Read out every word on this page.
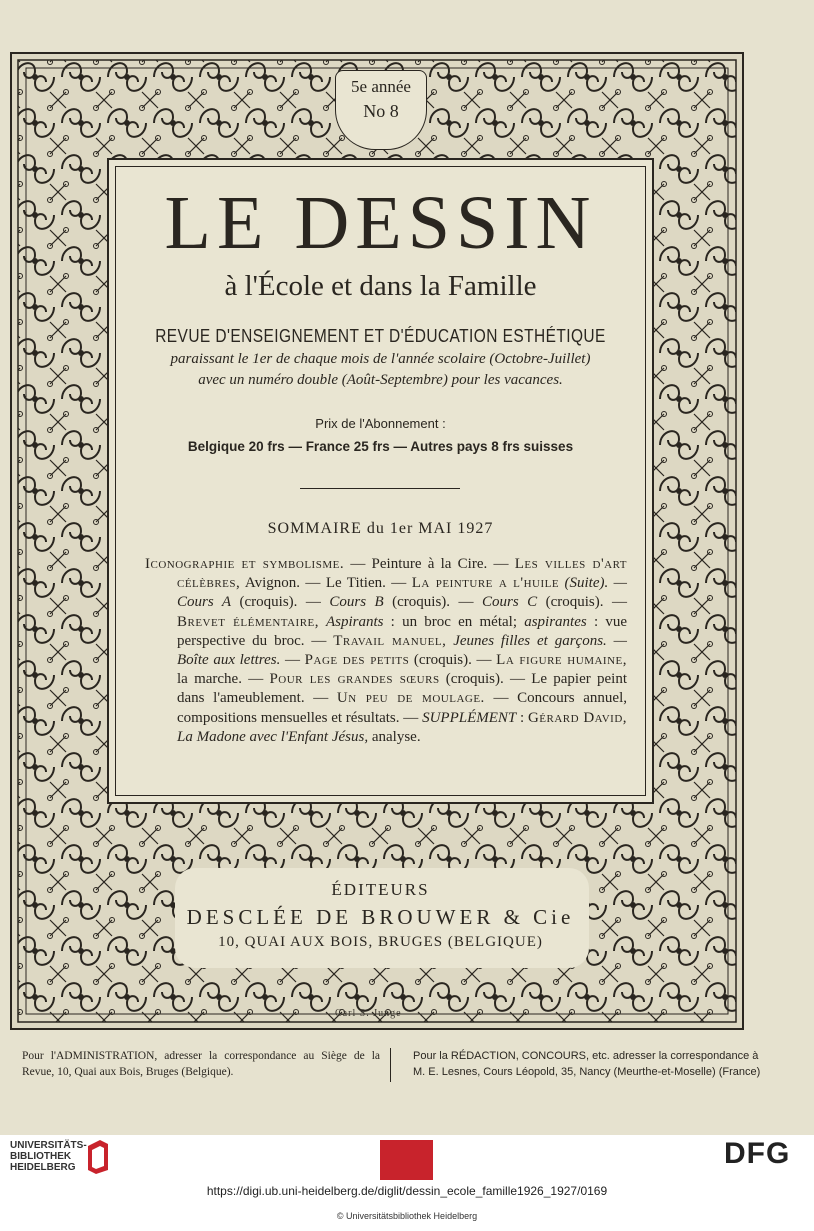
5e année
No 8
LE DESSIN
à l'École et dans la Famille
REVUE D'ENSEIGNEMENT ET D'ÉDUCATION ESTHÉTIQUE
paraissant le 1er de chaque mois de l'année scolaire (Octobre-Juillet)
avec un numéro double (Août-Septembre) pour les vacances.
Prix de l'Abonnement :
Belgique 20 frs — France 25 frs — Autres pays 8 frs suisses
SOMMAIRE du 1er MAI 1927

Iconographie et symbolisme. — Peinture à la Cire. — Les villes d'art célèbres, Avignon. — Le Titien. — La peinture a l'huile (Suite). — Cours A (croquis). — Cours B (croquis). — Cours C (croquis). — Brevet élémentaire, Aspirants : un broc en métal; aspirantes : vue perspective du broc. — Travail manuel, Jeunes filles et garçons. — Boîte aux lettres. — Page des petits (croquis). — La figure humaine, la marche. — Pour les grandes sœurs (croquis). — Le papier peint dans l'ameublement. — Un peu de moulage. — Concours annuel, compositions mensuelles et résultats. — SUPPLÉMENT : Gérard David, La Madone avec l'Enfant Jésus, analyse.

ÉDITEURS
DESCLÉE DE BROUWER & Cie
10, QUAI AUX BOIS, BRUGES (BELGIQUE)
Carl S. Junge
Pour l'ADMINISTRATION, adresser la correspondance au Siège de la Revue, 10, Quai aux Bois, Bruges (Belgique).
Pour la RÉDACTION, CONCOURS, etc. adresser la correspondance à M. E. Lesnes, Cours Léopold, 35, Nancy (Meurthe-et-Moselle) (France)
UNIVERSITÄTS-
BIBLIOTHEK
HEIDELBERG	DFG
https://digi.ub.uni-heidelberg.de/diglit/dessin_ecole_famille1926_1927/0169
© Universitätsbibliothek Heidelberg
